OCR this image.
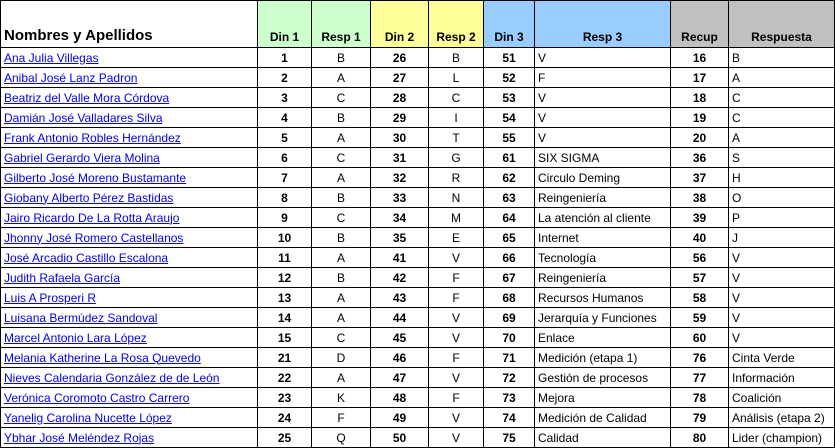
Nombres y Apellidos	Din 1	Resp 1	Din 2	Resp 2	Din 3	Resp 3	Recup	Respuesta
Ana Julia Villegas	1	B	26	B	51	V	16	B
Anibal José Lanz Padron	2	A	27	L	52	F	17	A
Beatriz del Valle Mora Córdova	3	C	28	C	53	V	18	C
Damián José Valladares Silva	4	B	29	I	54	V	19	C
Frank Antonio Robles Hernández	5	A	30	T	55	V	20	A
Gabriel Gerardo Viera Molina	6	C	31	G	61	SIX SIGMA	36	S
Gilberto José Moreno Bustamante	7	A	32	R	62	Circulo Deming	37	H
Giobany Alberto Pérez Bastidas	8	B	33	N	63	Reingeniería	38	O
Jairo Ricardo De La Rotta Araujo	9	C	34	M	64	La atención al cliente	39	P
Jhonny José Romero Castellanos	10	B	35	E	65	Internet	40	J
José Arcadio Castillo Escalona	11	A	41	V	66	Tecnología	56	V
Judith Rafaela García	12	B	42	F	67	Reingeniería	57	V
Luis A Prosperi R	13	A	43	F	68	Recursos Humanos	58	V
Luisana Bermúdez Sandoval	14	A	44	V	69	Jerarquía y Funciones	59	V
Marcel Antonio Lara López	15	C	45	V	70	Enlace	60	V
Melania Katherine La Rosa Quevedo	21	D	46	F	71	Medición (etapa 1)	76	Cinta Verde
Nieves Calendaria González de de León	22	A	47	V	72	Gestión de procesos	77	Información
Verónica Coromoto Castro Carrero	23	K	48	F	73	Mejora	78	Coalición
Yanelig Carolina Nucette López	24	F	49	V	74	Medición de Calidad	79	Análisis (etapa 2)
Ybhar José Meléndez Rojas	25	Q	50	V	75	Calidad	80	Lider (champion)
